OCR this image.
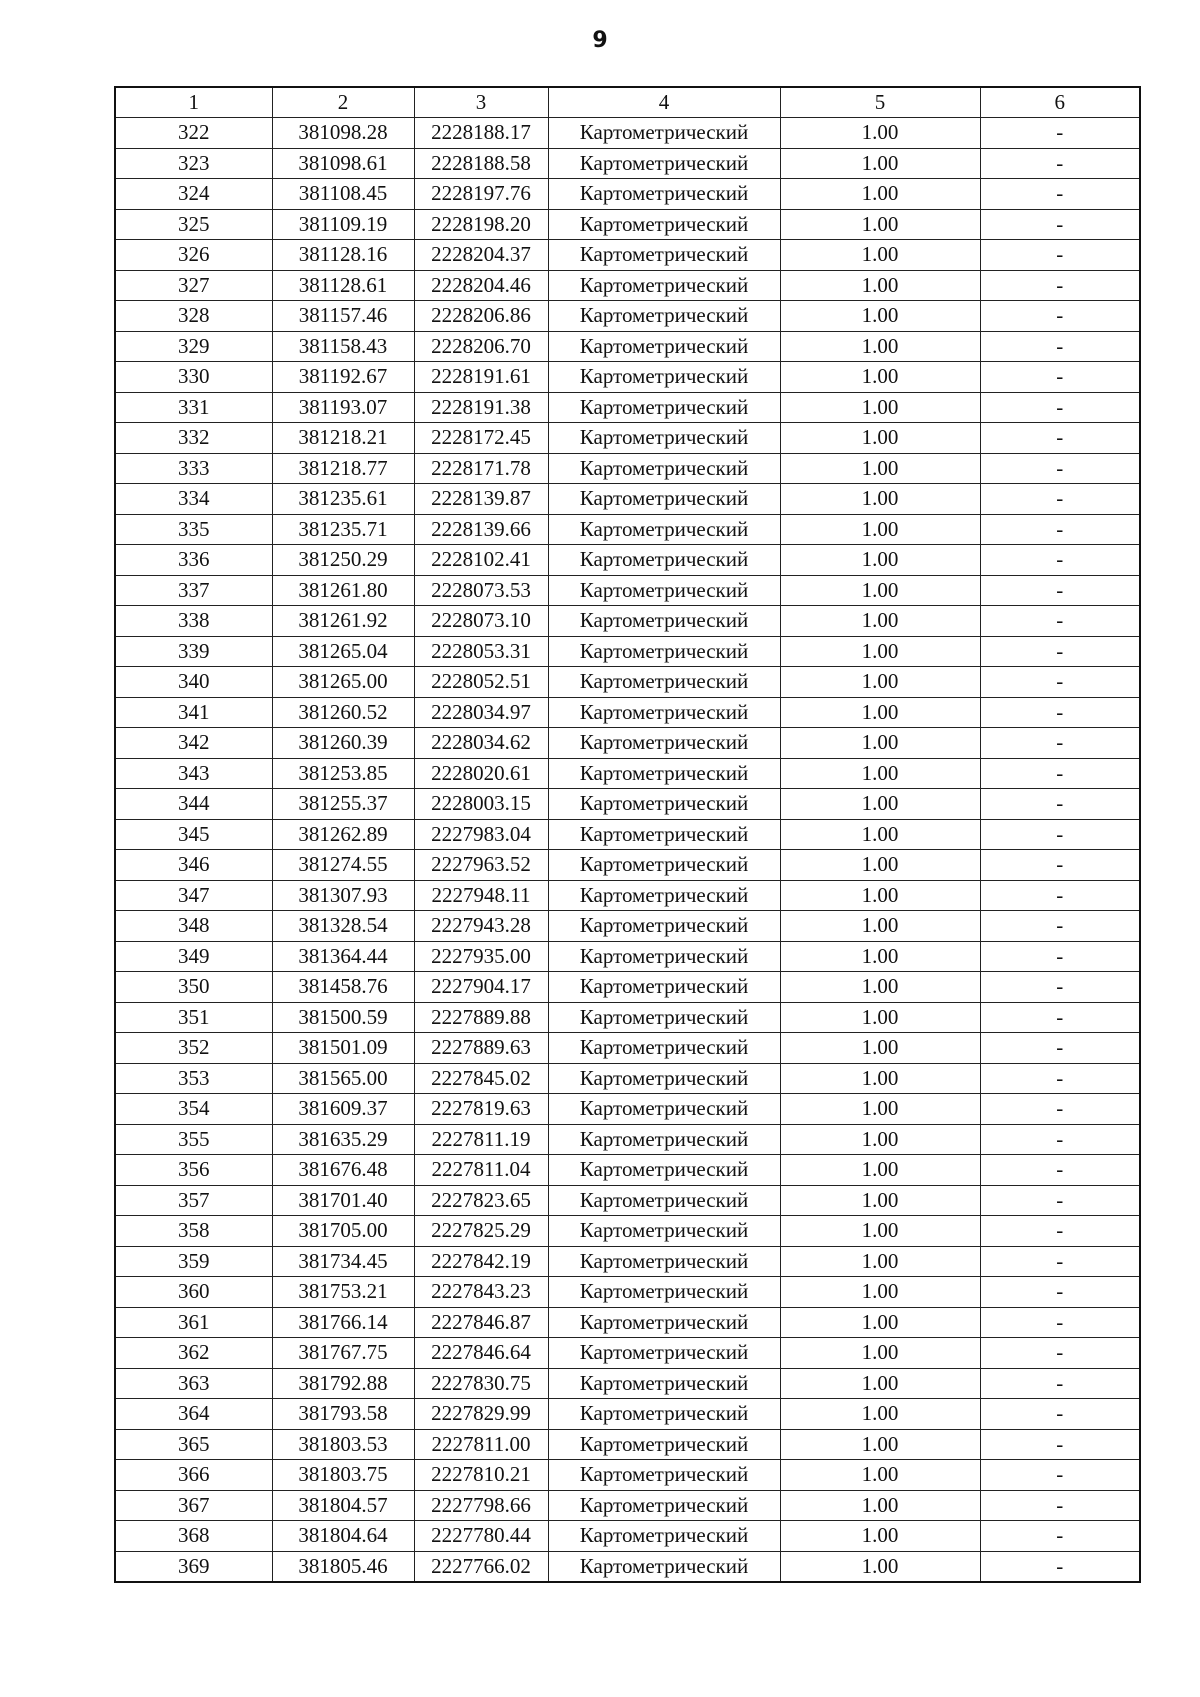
9
1	2	3	4	5	6
322	381098.28	2228188.17	Картометрический	1.00	-
323	381098.61	2228188.58	Картометрический	1.00	-
324	381108.45	2228197.76	Картометрический	1.00	-
325	381109.19	2228198.20	Картометрический	1.00	-
326	381128.16	2228204.37	Картометрический	1.00	-
327	381128.61	2228204.46	Картометрический	1.00	-
328	381157.46	2228206.86	Картометрический	1.00	-
329	381158.43	2228206.70	Картометрический	1.00	-
330	381192.67	2228191.61	Картометрический	1.00	-
331	381193.07	2228191.38	Картометрический	1.00	-
332	381218.21	2228172.45	Картометрический	1.00	-
333	381218.77	2228171.78	Картометрический	1.00	-
334	381235.61	2228139.87	Картометрический	1.00	-
335	381235.71	2228139.66	Картометрический	1.00	-
336	381250.29	2228102.41	Картометрический	1.00	-
337	381261.80	2228073.53	Картометрический	1.00	-
338	381261.92	2228073.10	Картометрический	1.00	-
339	381265.04	2228053.31	Картометрический	1.00	-
340	381265.00	2228052.51	Картометрический	1.00	-
341	381260.52	2228034.97	Картометрический	1.00	-
342	381260.39	2228034.62	Картометрический	1.00	-
343	381253.85	2228020.61	Картометрический	1.00	-
344	381255.37	2228003.15	Картометрический	1.00	-
345	381262.89	2227983.04	Картометрический	1.00	-
346	381274.55	2227963.52	Картометрический	1.00	-
347	381307.93	2227948.11	Картометрический	1.00	-
348	381328.54	2227943.28	Картометрический	1.00	-
349	381364.44	2227935.00	Картометрический	1.00	-
350	381458.76	2227904.17	Картометрический	1.00	-
351	381500.59	2227889.88	Картометрический	1.00	-
352	381501.09	2227889.63	Картометрический	1.00	-
353	381565.00	2227845.02	Картометрический	1.00	-
354	381609.37	2227819.63	Картометрический	1.00	-
355	381635.29	2227811.19	Картометрический	1.00	-
356	381676.48	2227811.04	Картометрический	1.00	-
357	381701.40	2227823.65	Картометрический	1.00	-
358	381705.00	2227825.29	Картометрический	1.00	-
359	381734.45	2227842.19	Картометрический	1.00	-
360	381753.21	2227843.23	Картометрический	1.00	-
361	381766.14	2227846.87	Картометрический	1.00	-
362	381767.75	2227846.64	Картометрический	1.00	-
363	381792.88	2227830.75	Картометрический	1.00	-
364	381793.58	2227829.99	Картометрический	1.00	-
365	381803.53	2227811.00	Картометрический	1.00	-
366	381803.75	2227810.21	Картометрический	1.00	-
367	381804.57	2227798.66	Картометрический	1.00	-
368	381804.64	2227780.44	Картометрический	1.00	-
369	381805.46	2227766.02	Картометрический	1.00	-
